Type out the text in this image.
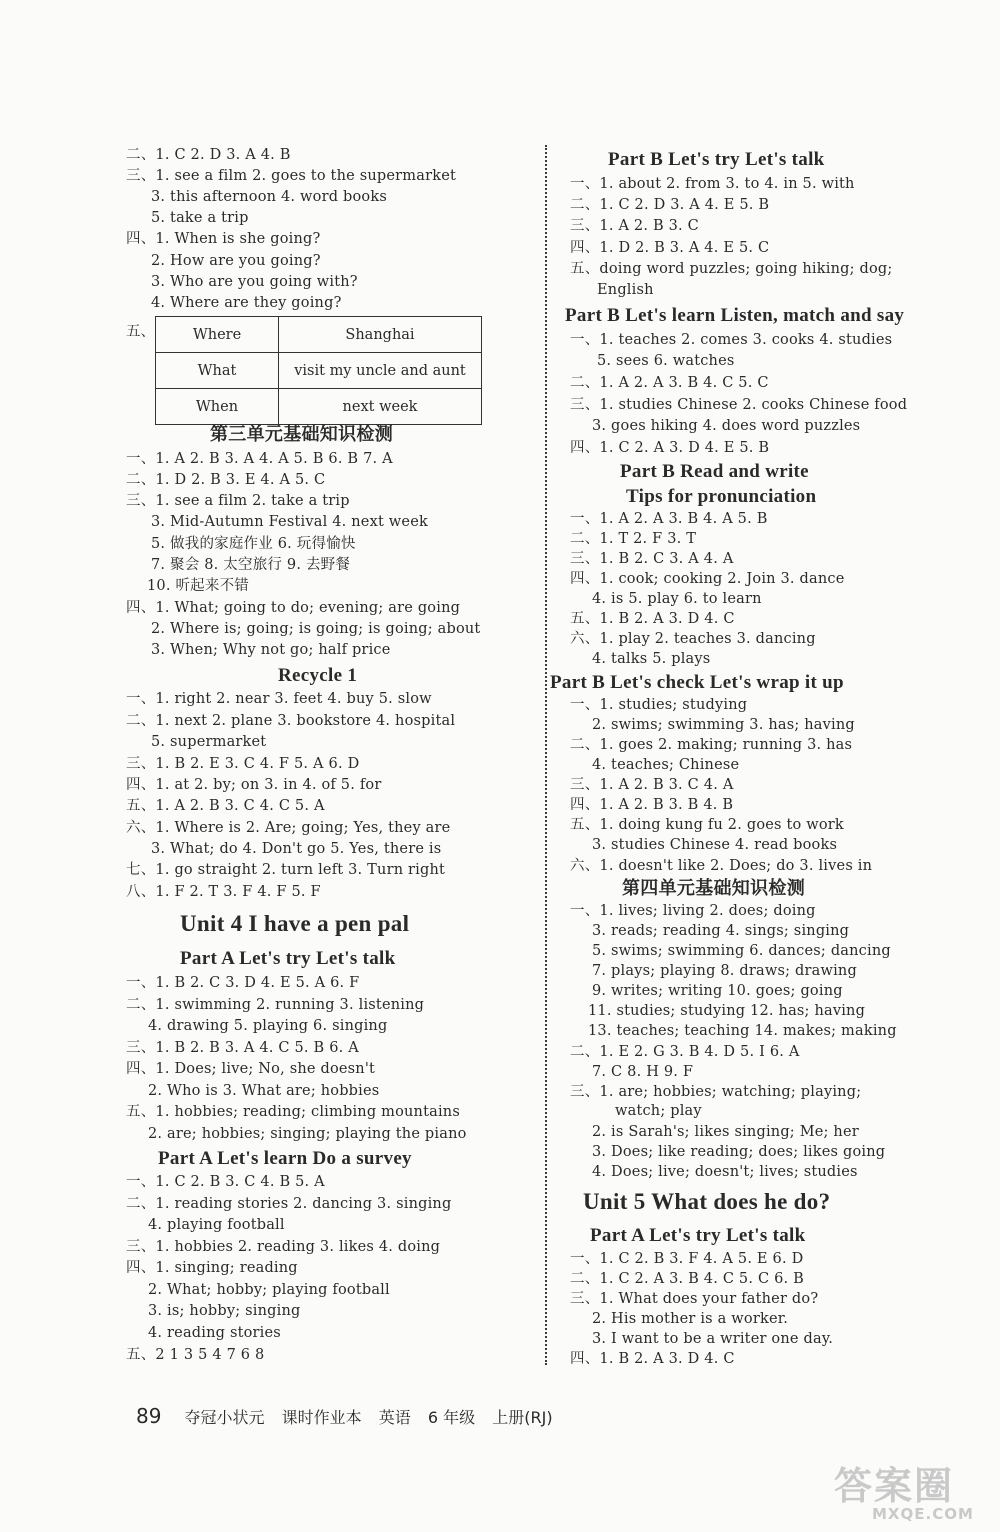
二、1. C 2. D 3. A 4. B
三、1. see a film 2. goes to the supermarket
3. this afternoon 4. word books
5. take a trip
四、1. When is she going?
2. How are you going?
3. Who are you going with?
4. Where are they going?
五、	Where	Shanghai
What	visit my uncle and aunt
When	next week
第三单元基础知识检测
一、1. A 2. B 3. A 4. A 5. B 6. B 7. A
二、1. D 2. B 3. E 4. A 5. C
三、1. see a film 2. take a trip
3. Mid-Autumn Festival 4. next week
5. 做我的家庭作业 6. 玩得愉快
7. 聚会 8. 太空旅行 9. 去野餐
10. 听起来不错
四、1. What; going to do; evening; are going
2. Where is; going; is going; is going; about
3. When; Why not go; half price
Recycle 1
一、1. right 2. near 3. feet 4. buy 5. slow
二、1. next 2. plane 3. bookstore 4. hospital
5. supermarket
三、1. B 2. E 3. C 4. F 5. A 6. D
四、1. at 2. by; on 3. in 4. of 5. for
五、1. A 2. B 3. C 4. C 5. A
六、1. Where is 2. Are; going; Yes, they are
3. What; do 4. Don't go 5. Yes, there is
七、1. go straight 2. turn left 3. Turn right
八、1. F 2. T 3. F 4. F 5. F
Unit 4 I have a pen pal
Part A Let's try Let's talk
一、1. B 2. C 3. D 4. E 5. A 6. F
二、1. swimming 2. running 3. listening
4. drawing 5. playing 6. singing
三、1. B 2. B 3. A 4. C 5. B 6. A
四、1. Does; live; No, she doesn't
2. Who is 3. What are; hobbies
五、1. hobbies; reading; climbing mountains
2. are; hobbies; singing; playing the piano
Part A Let's learn Do a survey
一、1. C 2. B 3. C 4. B 5. A
二、1. reading stories 2. dancing 3. singing
4. playing football
三、1. hobbies 2. reading 3. likes 4. doing
四、1. singing; reading
2. What; hobby; playing football
3. is; hobby; singing
4. reading stories
五、2 1 3 5 4 7 6 8
Part B Let's try Let's talk
一、1. about 2. from 3. to 4. in 5. with
二、1. C 2. D 3. A 4. E 5. B
三、1. A 2. B 3. C
四、1. D 2. B 3. A 4. E 5. C
五、doing word puzzles; going hiking; dog;
English
Part B Let's learn Listen, match and say
一、1. teaches 2. comes 3. cooks 4. studies
5. sees 6. watches
二、1. A 2. A 3. B 4. C 5. C
三、1. studies Chinese 2. cooks Chinese food
3. goes hiking 4. does word puzzles
四、1. C 2. A 3. D 4. E 5. B
Part B Read and write
Tips for pronunciation
一、1. A 2. A 3. B 4. A 5. B
二、1. T 2. F 3. T
三、1. B 2. C 3. A 4. A
四、1. cook; cooking 2. Join 3. dance
4. is 5. play 6. to learn
五、1. B 2. A 3. D 4. C
六、1. play 2. teaches 3. dancing
4. talks 5. plays
Part B Let's check Let's wrap it up
一、1. studies; studying
2. swims; swimming 3. has; having
二、1. goes 2. making; running 3. has
4. teaches; Chinese
三、1. A 2. B 3. C 4. A
四、1. A 2. B 3. B 4. B
五、1. doing kung fu 2. goes to work
3. studies Chinese 4. read books
六、1. doesn't like 2. Does; do 3. lives in
第四单元基础知识检测
一、1. lives; living 2. does; doing
3. reads; reading 4. sings; singing
5. swims; swimming 6. dances; dancing
7. plays; playing 8. draws; drawing
9. writes; writing 10. goes; going
11. studies; studying 12. has; having
13. teaches; teaching 14. makes; making
二、1. E 2. G 3. B 4. D 5. I 6. A
7. C 8. H 9. F
三、1. are; hobbies; watching; playing;
watch; play
2. is Sarah's; likes singing; Me; her
3. Does; like reading; does; likes going
4. Does; live; doesn't; lives; studies
Unit 5 What does he do?
Part A Let's try Let's talk
一、1. C 2. B 3. F 4. A 5. E 6. D
二、1. C 2. A 3. B 4. C 5. C 6. B
三、1. What does your father do?
2. His mother is a worker.
3. I want to be a writer one day.
四、1. B 2. A 3. D 4. C
89 夺冠小状元 课时作业本 英语 6 年级 上册(RJ)
答案圈
MXQE.COM
